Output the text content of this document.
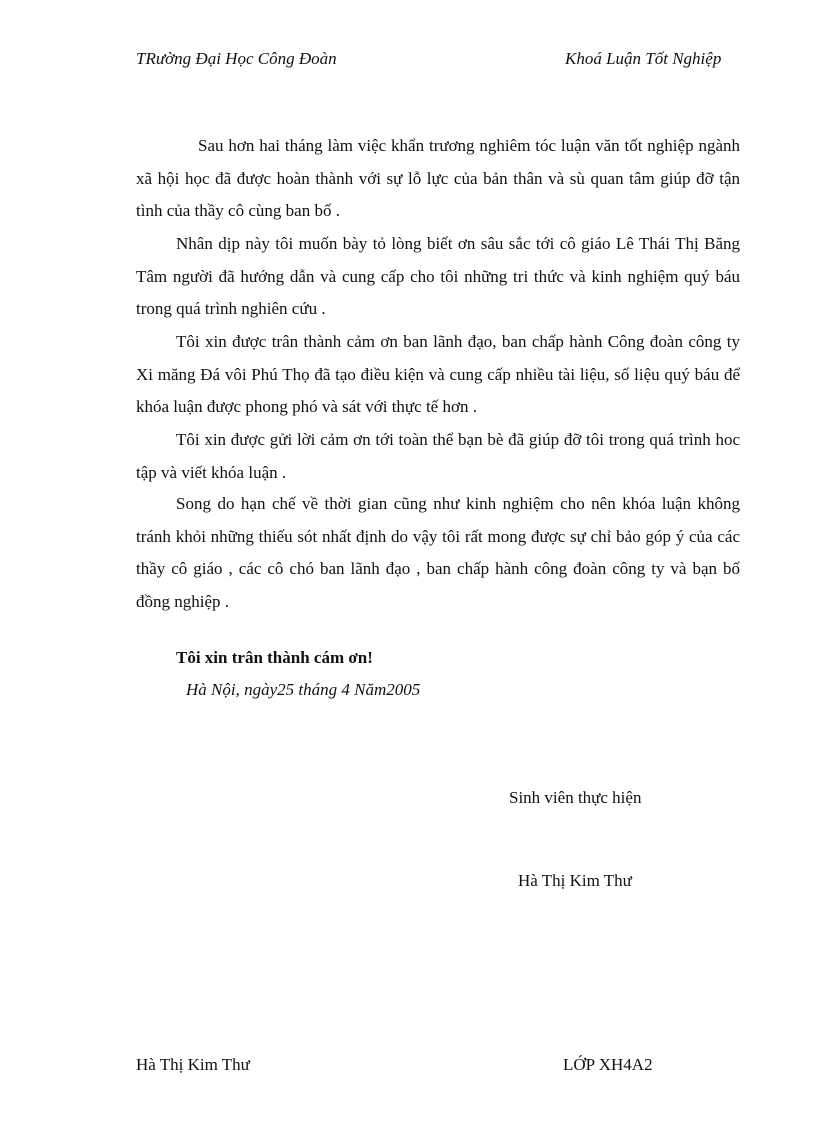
TRường Đại Học Công Đoàn	Khoá Luận Tốt Nghiệp
Sau hơn hai tháng làm việc khẩn trương nghiêm tóc luận văn tốt nghiệp ngành xã hội học đã được hoàn thành với sự lỗ lực của bản thân và sù quan tâm giúp đỡ tận tình của thầy cô cùng ban bố .
Nhân dịp này tôi muốn bày tỏ lòng biết ơn sâu sắc tới cô giáo Lê Thái Thị Băng Tâm người đã hướng dẫn và cung cấp cho tôi những tri thức và kinh nghiệm quý báu trong quá trình nghiên cứu .
Tôi xin được trân thành cảm ơn ban lãnh đạo, ban chấp hành Công đoàn công ty Xi măng Đá vôi Phú Thọ đã tạo điều kiện và cung cấp nhiều tài liệu, số liệu quý báu để khóa luận được phong phó và sát với thực tế hơn .
Tôi xin được gửi lời cảm ơn tới toàn thể bạn bè đã giúp đỡ tôi trong quá trình hoc tập và viết khóa luận .
Song do hạn chế về thời gian cũng như kinh nghiệm cho nên khóa luận không tránh khỏi những thiếu sót nhất định do vậy tôi rất mong được sự chỉ bảo góp ý của các thầy cô giáo , các cô chó ban lãnh đạo , ban chấp hành công đoàn công ty và bạn bố đồng nghiệp .
Tôi xin trân thành cám ơn!
Hà Nội, ngày25 tháng 4 Năm2005
Sinh viên thực hiện
Hà Thị Kim Thư
Hà Thị Kim Thư	LỚP XH4A2
